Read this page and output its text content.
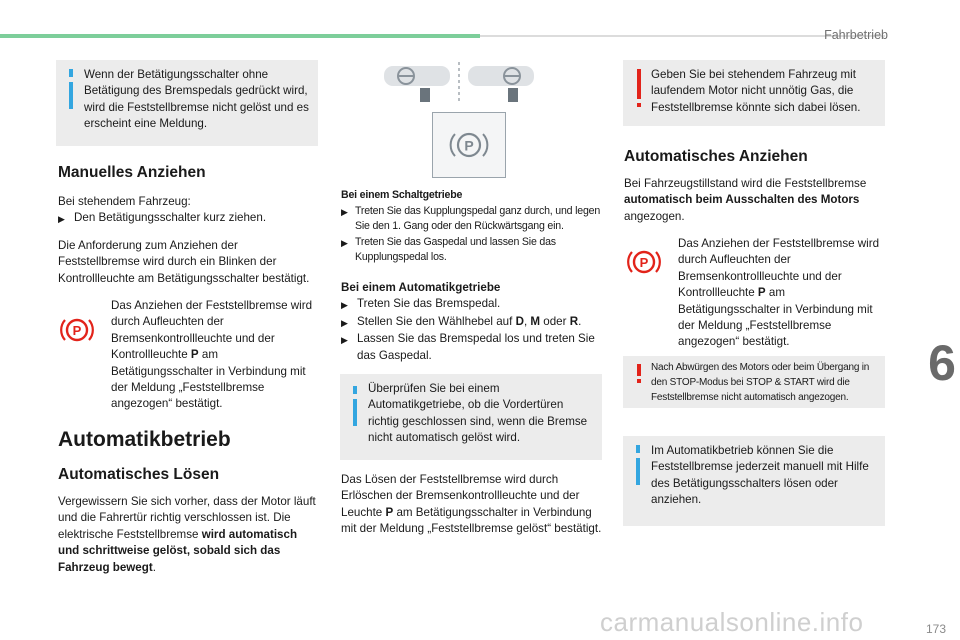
Fahrbetrieb
6
Wenn der Betätigungsschalter ohne Betätigung des Bremspedals gedrückt wird, wird die Feststellbremse nicht gelöst und es erscheint eine Meldung.
Manuelles Anziehen
Bei stehendem Fahrzeug:
▶ Den Betätigungsschalter kurz ziehen.
Die Anforderung zum Anziehen der Feststellbremse wird durch ein Blinken der Kontrollleuchte am Betätigungsschalter bestätigt.
P
Das Anziehen der Feststellbremse wird durch Aufleuchten der Bremsenkontrollleuchte und der Kontrollleuchte P am Betätigungsschalter in Verbindung mit der Meldung „Feststellbremse angezogen“ bestätigt.
Automatikbetrieb
Automatisches Lösen
Vergewissern Sie sich vorher, dass der Motor läuft und die Fahrertür richtig verschlossen ist. Die elektrische Feststellbremse wird automatisch und schrittweise gelöst, sobald sich das Fahrzeug bewegt.
P
Bei einem Schaltgetriebe
▶ Treten Sie das Kupplungspedal ganz durch, und legen Sie den 1. Gang oder den Rückwärtsgang ein.
▶ Treten Sie das Gaspedal und lassen Sie das Kupplungspedal los.
Bei einem Automatikgetriebe
▶ Treten Sie das Bremspedal.
▶ Stellen Sie den Wählhebel auf D, M oder R.
▶ Lassen Sie das Bremspedal los und treten Sie das Gaspedal.
Überprüfen Sie bei einem Automatikgetriebe, ob die Vordertüren richtig geschlossen sind, wenn die Bremse nicht automatisch gelöst wird.
Das Lösen der Feststellbremse wird durch Erlöschen der Bremsenkontrollleuchte und der Leuchte P am Betätigungsschalter in Verbindung mit der Meldung „Feststellbremse gelöst“ bestätigt.
Geben Sie bei stehendem Fahrzeug mit laufendem Motor nicht unnötig Gas, die Feststellbremse könnte sich dabei lösen.
Automatisches Anziehen
Bei Fahrzeugstillstand wird die Feststellbremse automatisch beim Ausschalten des Motors angezogen.
P
Das Anziehen der Feststellbremse wird durch Aufleuchten der Bremsenkontrollleuchte und der Kontrollleuchte P am Betätigungsschalter in Verbindung mit der Meldung „Feststellbremse angezogen“ bestätigt.
Nach Abwürgen des Motors oder beim Übergang in den STOP-Modus bei STOP & START wird die Feststellbremse nicht automatisch angezogen.
Im Automatikbetrieb können Sie die Feststellbremse jederzeit manuell mit Hilfe des Betätigungsschalters lösen oder anziehen.
carmanualsonline.info	173
